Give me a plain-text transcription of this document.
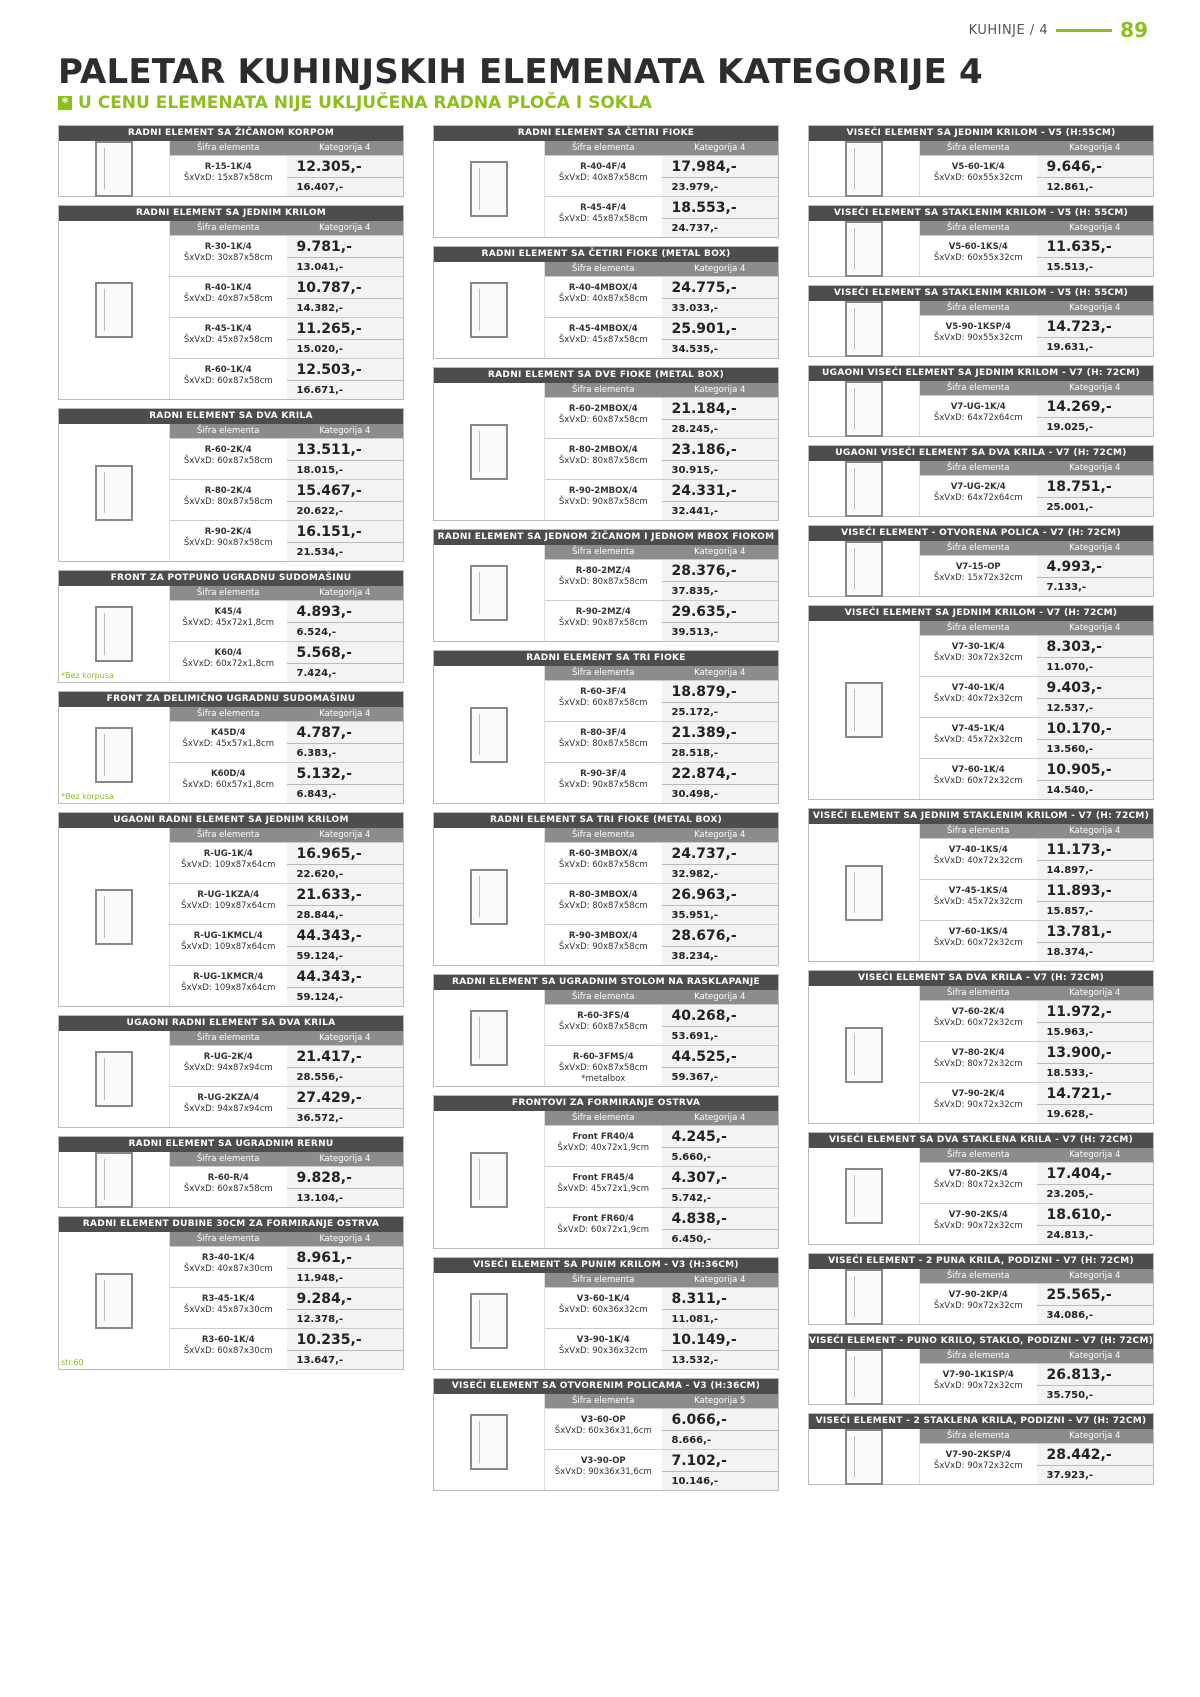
KUHINJE / 4	89
PALETAR KUHINJSKIH ELEMENATA KATEGORIJE 4
* U CENU ELEMENATA NIJE UKLJUČENA RADNA PLOČA I SOKLA
RADNI ELEMENT SA ŽIČANOM KORPOM
Šifra elementa	Kategorija 4
R-15-1K/4
ŠxVxD: 15x87x58cm
12.305,-
16.407,-
RADNI ELEMENT SA JEDNIM KRILOM
Šifra elementa	Kategorija 4
R-30-1K/4
ŠxVxD: 30x87x58cm
9.781,-
13.041,-
R-40-1K/4
ŠxVxD: 40x87x58cm
10.787,-
14.382,-
R-45-1K/4
ŠxVxD: 45x87x58cm
11.265,-
15.020,-
R-60-1K/4
ŠxVxD: 60x87x58cm
12.503,-
16.671,-
RADNI ELEMENT SA DVA KRILA
Šifra elementa	Kategorija 4
R-60-2K/4
ŠxVxD: 60x87x58cm
13.511,-
18.015,-
R-80-2K/4
ŠxVxD: 80x87x58cm
15.467,-
20.622,-
R-90-2K/4
ŠxVxD: 90x87x58cm
16.151,-
21.534,-
FRONT ZA POTPUNO UGRADNU SUDOMAŠINU
*Bez korpusa
Šifra elementa	Kategorija 4
K45/4
ŠxVxD: 45x72x1,8cm
4.893,-
6.524,-
K60/4
ŠxVxD: 60x72x1,8cm
5.568,-
7.424,-
FRONT ZA DELIMIČNO UGRADNU SUDOMAŠINU
*Bez korpusa
Šifra elementa	Kategorija 4
K45D/4
ŠxVxD: 45x57x1,8cm
4.787,-
6.383,-
K60D/4
ŠxVxD: 60x57x1,8cm
5.132,-
6.843,-
UGAONI RADNI ELEMENT SA JEDNIM KRILOM
Šifra elementa	Kategorija 4
R-UG-1K/4
ŠxVxD: 109x87x64cm
16.965,-
22.620,-
R-UG-1KZA/4
ŠxVxD: 109x87x64cm
21.633,-
28.844,-
R-UG-1KMCL/4
ŠxVxD: 109x87x64cm
44.343,-
59.124,-
R-UG-1KMCR/4
ŠxVxD: 109x87x64cm
44.343,-
59.124,-
UGAONI RADNI ELEMENT SA DVA KRILA
Šifra elementa	Kategorija 4
R-UG-2K/4
ŠxVxD: 94x87x94cm
21.417,-
28.556,-
R-UG-2KZA/4
ŠxVxD: 94x87x94cm
27.429,-
36.572,-
RADNI ELEMENT SA UGRADNIM RERNU
Šifra elementa	Kategorija 4
R-60-R/4
ŠxVxD: 60x87x58cm
9.828,-
13.104,-
RADNI ELEMENT DUBINE 30CM ZA FORMIRANJE OSTRVA
str.60
Šifra elementa	Kategorija 4
R3-40-1K/4
ŠxVxD: 40x87x30cm
8.961,-
11.948,-
R3-45-1K/4
ŠxVxD: 45x87x30cm
9.284,-
12.378,-
R3-60-1K/4
ŠxVxD: 60x87x30cm
10.235,-
13.647,-
RADNI ELEMENT SA ČETIRI FIOKE
Šifra elementa	Kategorija 4
R-40-4F/4
ŠxVxD: 40x87x58cm
17.984,-
23.979,-
R-45-4F/4
ŠxVxD: 45x87x58cm
18.553,-
24.737,-
RADNI ELEMENT SA ČETIRI FIOKE (METAL BOX)
Šifra elementa	Kategorija 4
R-40-4MBOX/4
ŠxVxD: 40x87x58cm
24.775,-
33.033,-
R-45-4MBOX/4
ŠxVxD: 45x87x58cm
25.901,-
34.535,-
RADNI ELEMENT SA DVE FIOKE (METAL BOX)
Šifra elementa	Kategorija 4
R-60-2MBOX/4
ŠxVxD: 60x87x58cm
21.184,-
28.245,-
R-80-2MBOX/4
ŠxVxD: 80x87x58cm
23.186,-
30.915,-
R-90-2MBOX/4
ŠxVxD: 90x87x58cm
24.331,-
32.441,-
RADNI ELEMENT SA JEDNOM ŽIČANOM I JEDNOM MBOX FIOKOM
Šifra elementa	Kategorija 4
R-80-2MZ/4
ŠxVxD: 80x87x58cm
28.376,-
37.835,-
R-90-2MZ/4
ŠxVxD: 90x87x58cm
29.635,-
39.513,-
RADNI ELEMENT SA TRI FIOKE
Šifra elementa	Kategorija 4
R-60-3F/4
ŠxVxD: 60x87x58cm
18.879,-
25.172,-
R-80-3F/4
ŠxVxD: 80x87x58cm
21.389,-
28.518,-
R-90-3F/4
ŠxVxD: 90x87x58cm
22.874,-
30.498,-
RADNI ELEMENT SA TRI FIOKE (METAL BOX)
Šifra elementa	Kategorija 4
R-60-3MBOX/4
ŠxVxD: 60x87x58cm
24.737,-
32.982,-
R-80-3MBOX/4
ŠxVxD: 80x87x58cm
26.963,-
35.951,-
R-90-3MBOX/4
ŠxVxD: 90x87x58cm
28.676,-
38.234,-
RADNI ELEMENT SA UGRADNIM STOLOM NA RASKLAPANJE
Šifra elementa	Kategorija 4
R-60-3FS/4
ŠxVxD: 60x87x58cm
40.268,-
53.691,-
R-60-3FMS/4
ŠxVxD: 60x87x58cm *metalbox
44.525,-
59.367,-
FRONTOVI ZA FORMIRANJE OSTRVA
Šifra elementa	Kategorija 4
Front FR40/4
ŠxVxD: 40x72x1,9cm
4.245,-
5.660,-
Front FR45/4
ŠxVxD: 45x72x1,9cm
4.307,-
5.742,-
Front FR60/4
ŠxVxD: 60x72x1,9cm
4.838,-
6.450,-
VISEĆI ELEMENT SA PUNIM KRILOM - V3 (H:36CM)
Šifra elementa	Kategorija 4
V3-60-1K/4
ŠxVxD: 60x36x32cm
8.311,-
11.081,-
V3-90-1K/4
ŠxVxD: 90x36x32cm
10.149,-
13.532,-
VISEĆI ELEMENT SA OTVORENIM POLICAMA - V3 (H:36CM)
Šifra elementa	Kategorija 5
V3-60-OP
ŠxVxD: 60x36x31,6cm
6.066,-
8.666,-
V3-90-OP
ŠxVxD: 90x36x31,6cm
7.102,-
10.146,-
VISEĆI ELEMENT SA JEDNIM KRILOM - V5 (H:55CM)
Šifra elementa	Kategorija 4
V5-60-1K/4
ŠxVxD: 60x55x32cm
9.646,-
12.861,-
VISEĆI ELEMENT SA STAKLENIM KRILOM - V5 (H: 55CM)
Šifra elementa	Kategorija 4
V5-60-1KS/4
ŠxVxD: 60x55x32cm
11.635,-
15.513,-
VISEĆI ELEMENT SA STAKLENIM KRILOM - V5 (H: 55CM)
Šifra elementa	Kategorija 4
V5-90-1KSP/4
ŠxVxD: 90x55x32cm
14.723,-
19.631,-
UGAONI VISEĆI ELEMENT SA JEDNIM KRILOM - V7 (H: 72CM)
Šifra elementa	Kategorija 4
V7-UG-1K/4
ŠxVxD: 64x72x64cm
14.269,-
19.025,-
UGAONI VISEĆI ELEMENT SA DVA KRILA - V7 (H: 72CM)
Šifra elementa	Kategorija 4
V7-UG-2K/4
ŠxVxD: 64x72x64cm
18.751,-
25.001,-
VISEĆI ELEMENT - OTVORENA POLICA - V7 (H: 72CM)
Šifra elementa	Kategorija 4
V7-15-OP
ŠxVxD: 15x72x32cm
4.993,-
7.133,-
VISEĆI ELEMENT SA JEDNIM KRILOM - V7 (H: 72CM)
Šifra elementa	Kategorija 4
V7-30-1K/4
ŠxVxD: 30x72x32cm
8.303,-
11.070,-
V7-40-1K/4
ŠxVxD: 40x72x32cm
9.403,-
12.537,-
V7-45-1K/4
ŠxVxD: 45x72x32cm
10.170,-
13.560,-
V7-60-1K/4
ŠxVxD: 60x72x32cm
10.905,-
14.540,-
VISEĆI ELEMENT SA JEDNIM STAKLENIM KRILOM - V7 (H: 72CM)
Šifra elementa	Kategorija 4
V7-40-1KS/4
ŠxVxD: 40x72x32cm
11.173,-
14.897,-
V7-45-1KS/4
ŠxVxD: 45x72x32cm
11.893,-
15.857,-
V7-60-1KS/4
ŠxVxD: 60x72x32cm
13.781,-
18.374,-
VISEĆI ELEMENT SA DVA KRILA - V7 (H: 72CM)
Šifra elementa	Kategorija 4
V7-60-2K/4
ŠxVxD: 60x72x32cm
11.972,-
15.963,-
V7-80-2K/4
ŠxVxD: 80x72x32cm
13.900,-
18.533,-
V7-90-2K/4
ŠxVxD: 90x72x32cm
14.721,-
19.628,-
VISEĆI ELEMENT SA DVA STAKLENA KRILA - V7 (H: 72CM)
Šifra elementa	Kategorija 4
V7-80-2KS/4
ŠxVxD: 80x72x32cm
17.404,-
23.205,-
V7-90-2KS/4
ŠxVxD: 90x72x32cm
18.610,-
24.813,-
VISEĆI ELEMENT - 2 PUNA KRILA, PODIZNI - V7 (H: 72CM)
Šifra elementa	Kategorija 4
V7-90-2KP/4
ŠxVxD: 90x72x32cm
25.565,-
34.086,-
VISEĆI ELEMENT - PUNO KRILO, STAKLO, PODIZNI - V7 (H: 72CM)
Šifra elementa	Kategorija 4
V7-90-1K1SP/4
ŠxVxD: 90x72x32cm
26.813,-
35.750,-
VISEĆI ELEMENT - 2 STAKLENA KRILA, PODIZNI - V7 (H: 72CM)
Šifra elementa	Kategorija 4
V7-90-2KSP/4
ŠxVxD: 90x72x32cm
28.442,-
37.923,-
